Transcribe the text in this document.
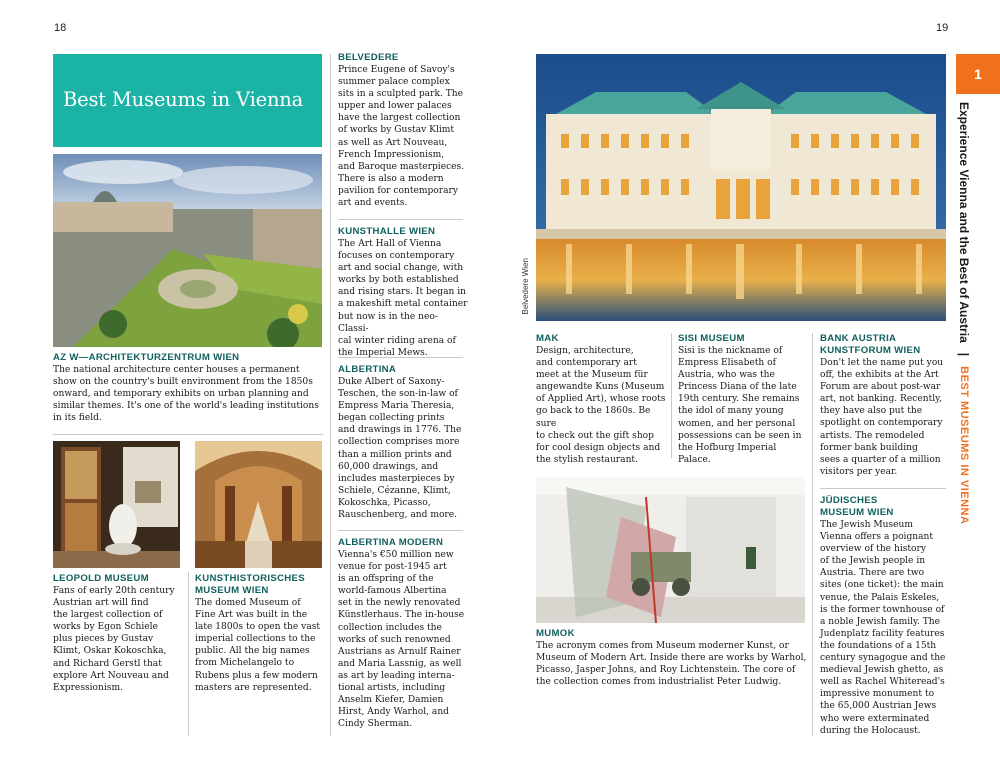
18	19
Best Museums in Vienna
AZ W—ARCHITEKTURZENTRUM WIEN
The national architecture center houses a permanent
show on the country's built environment from the 1850s
onward, and temporary exhibits on urban planning and
similar themes. It's one of the world's leading institutions
in its field.
LEOPOLD MUSEUM
Fans of early 20th century
Austrian art will find
the largest collection of
works by Egon Schiele
plus pieces by Gustav
Klimt, Oskar Kokoschka,
and Richard Gerstl that
explore Art Nouveau and
Expressionism.
KUNSTHISTORISCHES
MUSEUM WIEN
The domed Museum of
Fine Art was built in the
late 1800s to open the vast
imperial collections to the
public. All the big names
from Michelangelo to
Rubens plus a few modern
masters are represented.
BELVEDERE
Prince Eugene of Savoy's
summer palace complex
sits in a sculpted park. The
upper and lower palaces
have the largest collection
of works by Gustav Klimt
as well as Art Nouveau,
French Impressionism,
and Baroque masterpieces.
There is also a modern
pavilion for contemporary
art and events.
KUNSTHALLE WIEN
The Art Hall of Vienna
focuses on contemporary
art and social change, with
works by both established
and rising stars. It began in
a makeshift metal container
but now is in the neo-Classi-
cal winter riding arena of
the Imperial Mews.
ALBERTINA
Duke Albert of Saxony-
Teschen, the son-in-law of
Empress Maria Theresia,
began collecting prints
and drawings in 1776. The
collection comprises more
than a million prints and
60,000 drawings, and
includes masterpieces by
Schiele, Cézanne, Klimt,
Kokoschka, Picasso,
Rauschenberg, and more.
ALBERTINA MODERN
Vienna's €50 million new
venue for post-1945 art
is an offspring of the
world-famous Albertina
set in the newly renovated
Künstlerhaus. The in-house
collection includes the
works of such renowned
Austrians as Arnulf Rainer
and Maria Lassnig, as well
as art by leading interna-
tional artists, including
Anselm Kiefer, Damien
Hirst, Andy Warhol, and
Cindy Sherman.
Belvedere Wien
MAK
Design, architecture,
and contemporary art
meet at the Museum für
angewandte Kuns (Museum
of Applied Art), whose roots
go back to the 1860s. Be sure
to check out the gift shop
for cool design objects and
the stylish restaurant.
SISI MUSEUM
Sisi is the nickname of
Empress Elisabeth of
Austria, who was the
Princess Diana of the late
19th century. She remains
the idol of many young
women, and her personal
possessions can be seen in
the Hofburg Imperial Palace.
BANK AUSTRIA
KUNSTFORUM WIEN
Don't let the name put you
off, the exhibits at the Art
Forum are about post-war
art, not banking. Recently,
they have also put the
spotlight on contemporary
artists. The remodeled
former bank building
sees a quarter of a million
visitors per year.
MUMOK
The acronym comes from Museum moderner Kunst, or
Museum of Modern Art. Inside there are works by Warhol,
Picasso, Jasper Johns, and Roy Lichtenstein. The core of
the collection comes from industrialist Peter Ludwig.
JÜDISCHES
MUSEUM WIEN
The Jewish Museum
Vienna offers a poignant
overview of the history
of the Jewish people in
Austria. There are two
sites (one ticket): the main
venue, the Palais Eskeles,
is the former townhouse of
a noble Jewish family. The
Judenplatz facility features
the foundations of a 15th
century synagogue and the
medieval Jewish ghetto, as
well as Rachel Whiteread's
impressive monument to
the 65,000 Austrian Jews
who were exterminated
during the Holocaust.
1
Experience Vienna and the Best of Austria   |   BEST MUSEUMS IN VIENNA
